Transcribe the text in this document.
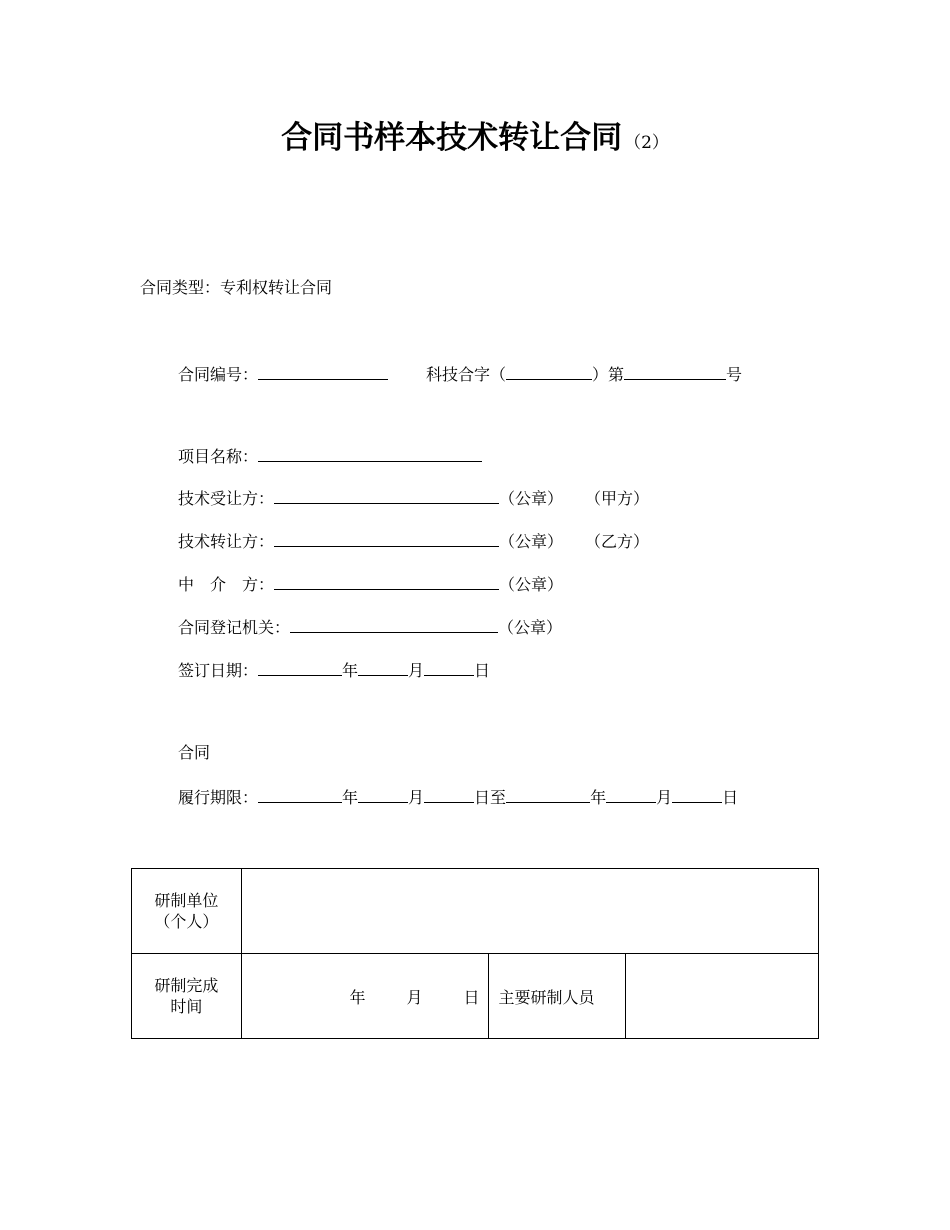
合同书样本技术转让合同 （2）
合同类型：专利权转让合同
合同编号：	科技合字（	）第	号
项目名称：
技术受让方：	（公章） （甲方）
技术转让方：	（公章） （乙方）
中　介　方：	（公章）
合同登记机关：	（公章）
签订日期：	年	月	日
合同
履行期限：	年	月	日至	年	月	日
研制单位
（个人）			

研制完成
时间	年 月 日	主要研制人员	
